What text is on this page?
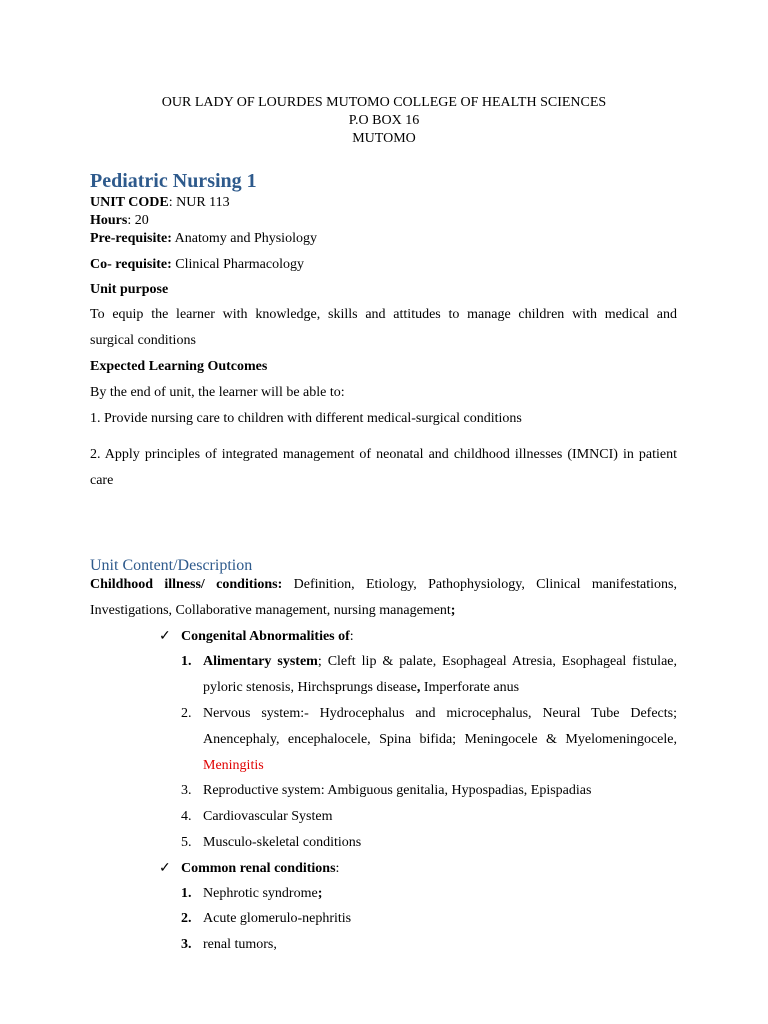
OUR LADY OF LOURDES MUTOMO COLLEGE OF HEALTH SCIENCES
P.O BOX 16
MUTOMO
Pediatric Nursing 1
UNIT CODE: NUR 113
Hours: 20
Pre-requisite: Anatomy and Physiology
Co- requisite: Clinical Pharmacology
Unit purpose
To equip the learner with knowledge, skills and attitudes to manage children with medical and
surgical conditions
Expected Learning Outcomes
By the end of unit, the learner will be able to:
1. Provide nursing care to children with different medical-surgical conditions
2. Apply principles of integrated management of neonatal and childhood illnesses (IMNCI) in patient
care
Unit Content/Description
Childhood illness/ conditions: Definition, Etiology, Pathophysiology, Clinical manifestations,
Investigations, Collaborative management, nursing management;
✓ Congenital Abnormalities of:
1. Alimentary system; Cleft lip & palate, Esophageal Atresia, Esophageal fistulae,
pyloric stenosis, Hirchsprungs disease, Imperforate anus
2. Nervous system:- Hydrocephalus and microcephalus, Neural Tube Defects;
Anencephaly, encephalocele, Spina bifida; Meningocele & Myelomeningocele,
Meningitis
3. Reproductive system: Ambiguous genitalia, Hypospadias, Epispadias
4. Cardiovascular System
5. Musculo-skeletal conditions
✓ Common renal conditions:
1. Nephrotic syndrome;
2. Acute glomerulo-nephritis
3. renal tumors,
